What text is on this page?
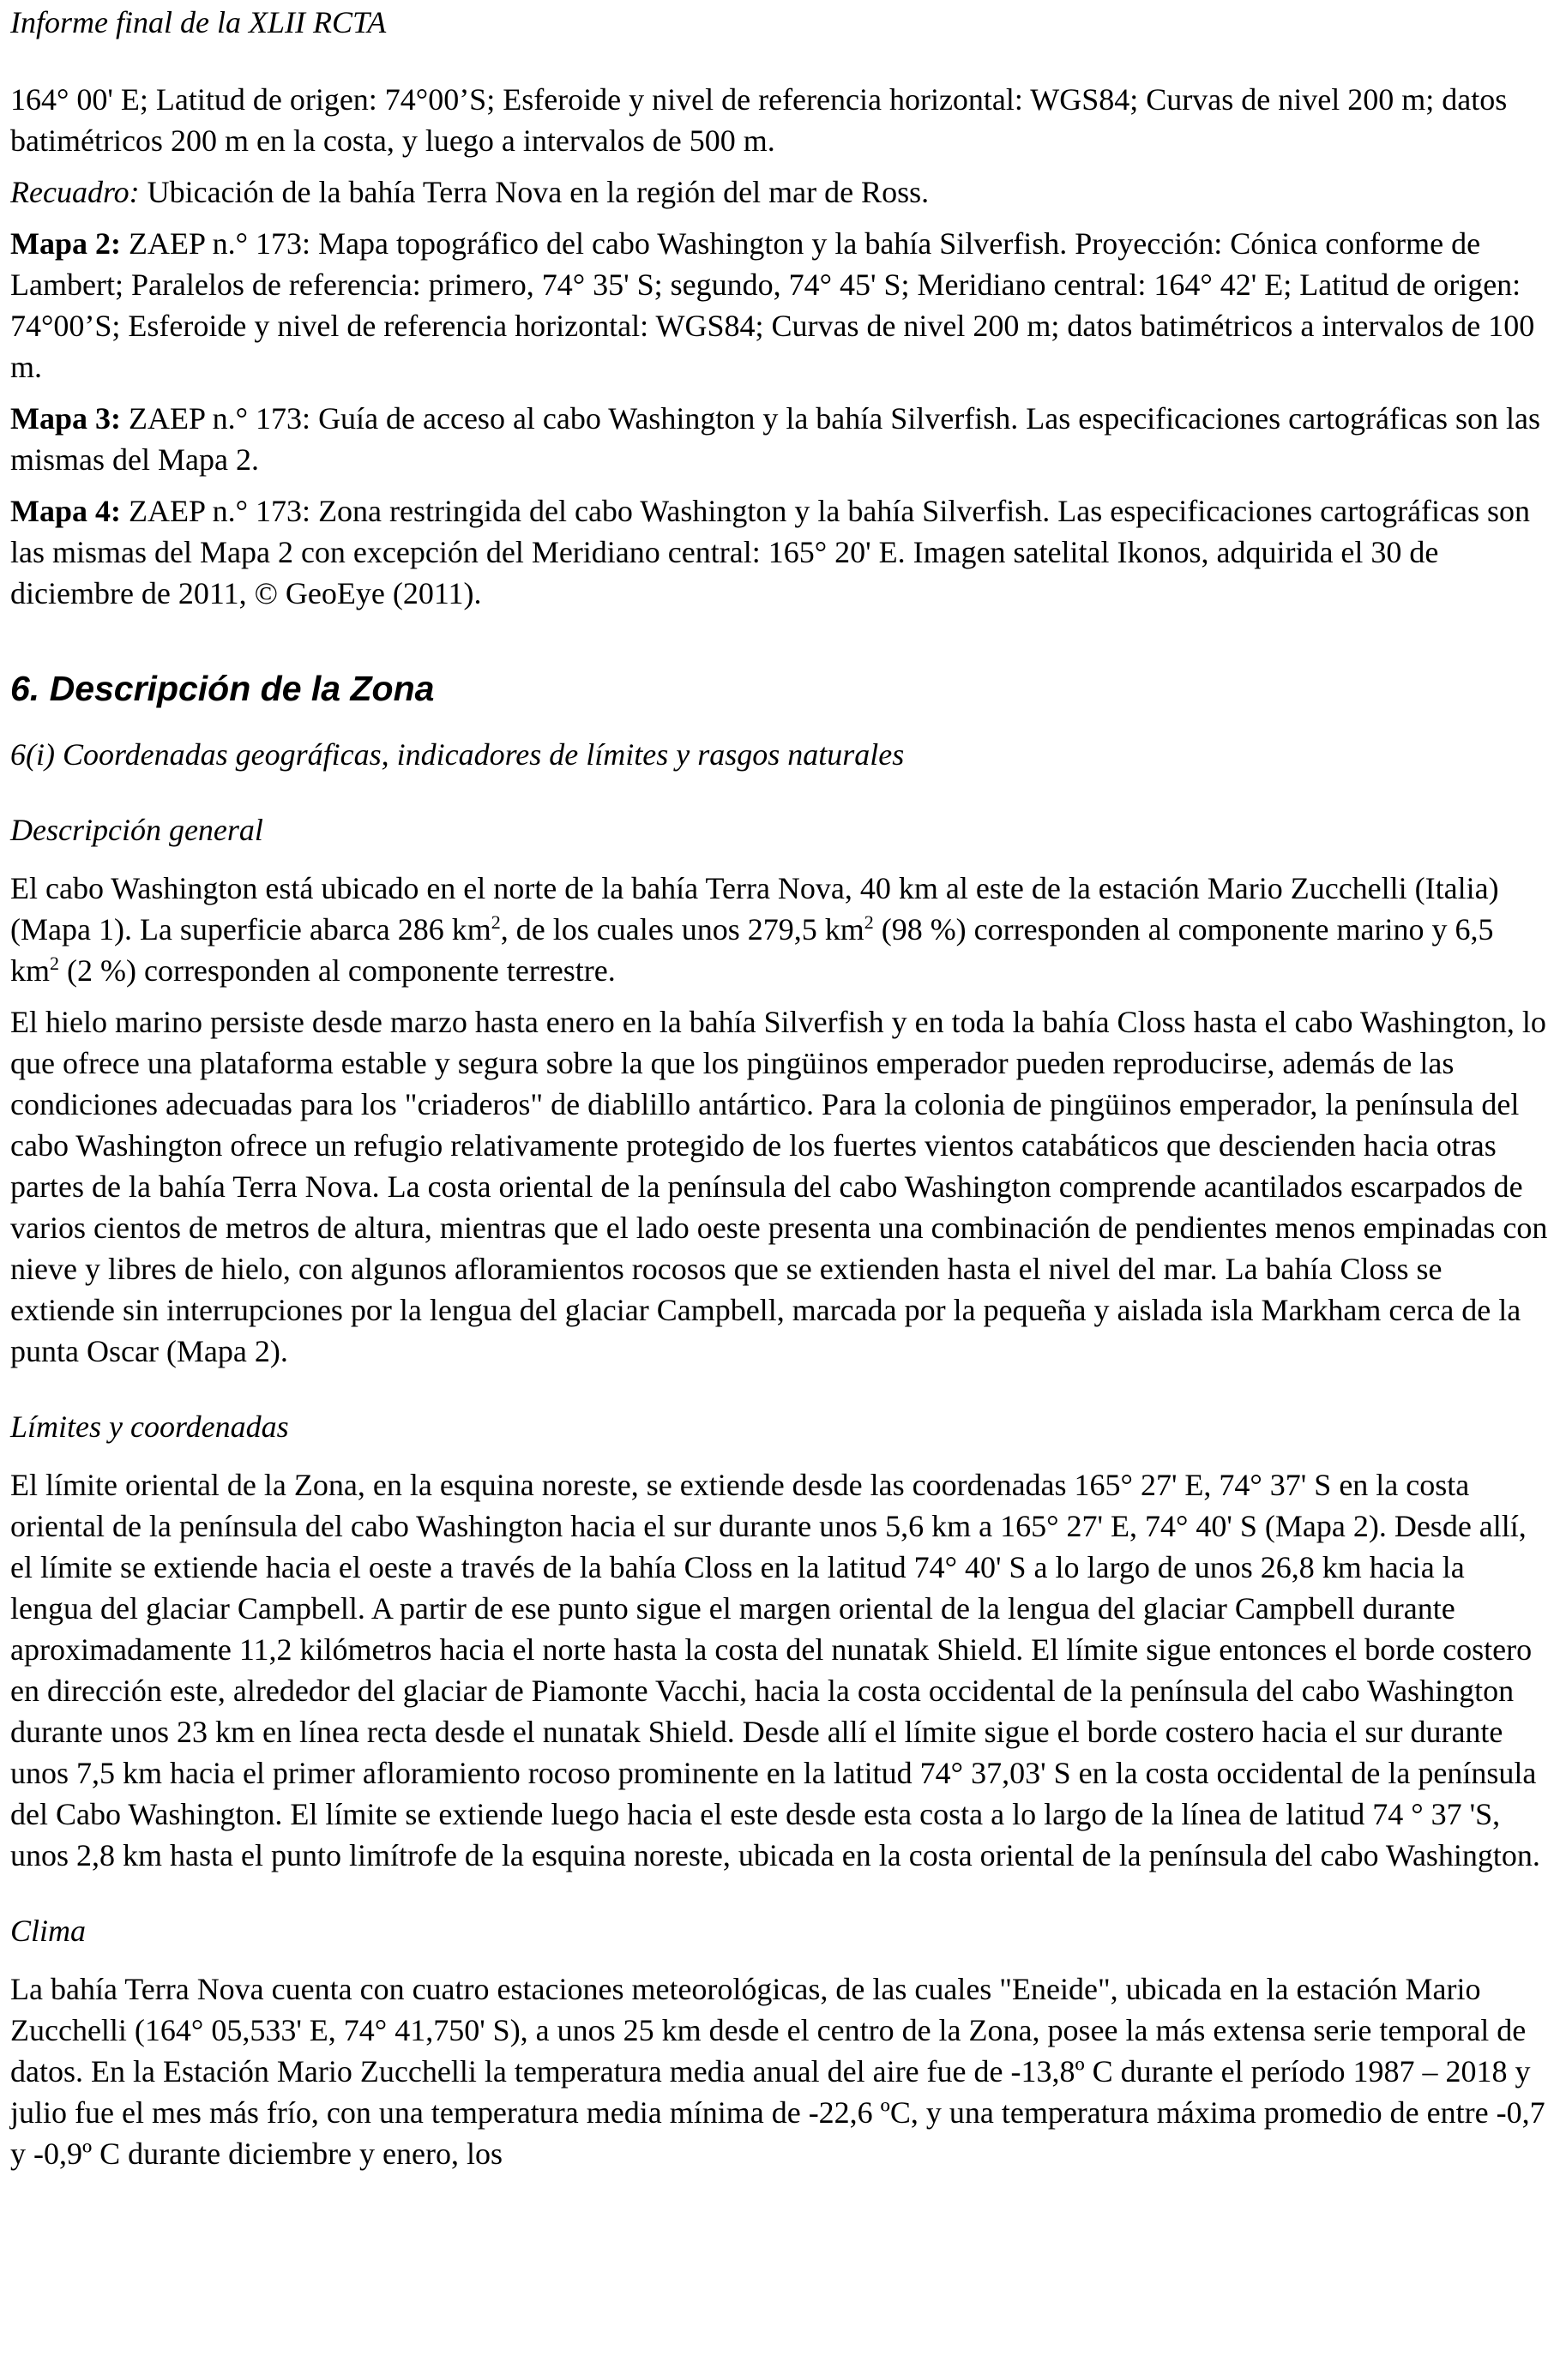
Informe final de la XLII RCTA

164° 00' E; Latitud de origen: 74°00’S; Esferoide y nivel de referencia horizontal: WGS84; Curvas de nivel 200 m; datos batimétricos 200 m en la costa, y luego a intervalos de 500 m.

Recuadro: Ubicación de la bahía Terra Nova en la región del mar de Ross.

Mapa 2: ZAEP n.° 173: Mapa topográfico del cabo Washington y la bahía Silverfish. Proyección: Cónica conforme de Lambert; Paralelos de referencia: primero, 74° 35' S; segundo, 74° 45' S; Meridiano central: 164° 42' E; Latitud de origen: 74°00’S; Esferoide y nivel de referencia horizontal: WGS84; Curvas de nivel 200 m; datos batimétricos a intervalos de 100 m.

Mapa 3: ZAEP n.° 173: Guía de acceso al cabo Washington y la bahía Silverfish. Las especificaciones cartográficas son las mismas del Mapa 2.

Mapa 4: ZAEP n.° 173: Zona restringida del cabo Washington y la bahía Silverfish. Las especificaciones cartográficas son las mismas del Mapa 2 con excepción del Meridiano central: 165° 20' E. Imagen satelital Ikonos, adquirida el 30 de diciembre de 2011, © GeoEye (2011).

6. Descripción de la Zona
6(i) Coordenadas geográficas, indicadores de límites y rasgos naturales
Descripción general

El cabo Washington está ubicado en el norte de la bahía Terra Nova, 40 km al este de la estación Mario Zucchelli (Italia) (Mapa 1). La superficie abarca 286 $km^2$, de los cuales unos 279,5 $km^2$ (98 %) corresponden al componente marino y 6,5 $km^2$ (2 %) corresponden al componente terrestre.

El hielo marino persiste desde marzo hasta enero en la bahía Silverfish y en toda la bahía Closs hasta el cabo Washington, lo que ofrece una plataforma estable y segura sobre la que los pingüinos emperador pueden reproducirse, además de las condiciones adecuadas para los "criaderos" de diablillo antártico. Para la colonia de pingüinos emperador, la península del cabo Washington ofrece un refugio relativamente protegido de los fuertes vientos catabáticos que descienden hacia otras partes de la bahía Terra Nova. La costa oriental de la península del cabo Washington comprende acantilados escarpados de varios cientos de metros de altura, mientras que el lado oeste presenta una combinación de pendientes menos empinadas con nieve y libres de hielo, con algunos afloramientos rocosos que se extienden hasta el nivel del mar. La bahía Closs se extiende sin interrupciones por la lengua del glaciar Campbell, marcada por la pequeña y aislada isla Markham cerca de la punta Oscar (Mapa 2).

Límites y coordenadas

El límite oriental de la Zona, en la esquina noreste, se extiende desde las coordenadas 165° 27' E, 74° 37' S en la costa oriental de la península del cabo Washington hacia el sur durante unos 5,6 km a 165° 27' E, 74° 40' S (Mapa 2). Desde allí, el límite se extiende hacia el oeste a través de la bahía Closs en la latitud 74° 40' S a lo largo de unos 26,8 km hacia la lengua del glaciar Campbell. A partir de ese punto sigue el margen oriental de la lengua del glaciar Campbell durante aproximadamente 11,2 kilómetros hacia el norte hasta la costa del nunatak Shield. El límite sigue entonces el borde costero en dirección este, alrededor del glaciar de Piamonte Vacchi, hacia la costa occidental de la península del cabo Washington durante unos 23 km en línea recta desde el nunatak Shield. Desde allí el límite sigue el borde costero hacia el sur durante unos 7,5 km hacia el primer afloramiento rocoso prominente en la latitud 74° 37,03' S en la costa occidental de la península del Cabo Washington. El límite se extiende luego hacia el este desde esta costa a lo largo de la línea de latitud 74 ° 37 'S, unos 2,8 km hasta el punto limítrofe de la esquina noreste, ubicada en la costa oriental de la península del cabo Washington.

Clima

La bahía Terra Nova cuenta con cuatro estaciones meteorológicas, de las cuales "Eneide", ubicada en la estación Mario Zucchelli (164° 05,533' E, 74° 41,750' S), a unos 25 km desde el centro de la Zona, posee la más extensa serie temporal de datos. En la Estación Mario Zucchelli la temperatura media anual del aire fue de -13,8º C durante el período 1987 – 2018 y julio fue el mes más frío, con una temperatura media mínima de -22,6 ºC, y una temperatura máxima promedio de entre -0,7 y -0,9º C durante diciembre y enero, los
